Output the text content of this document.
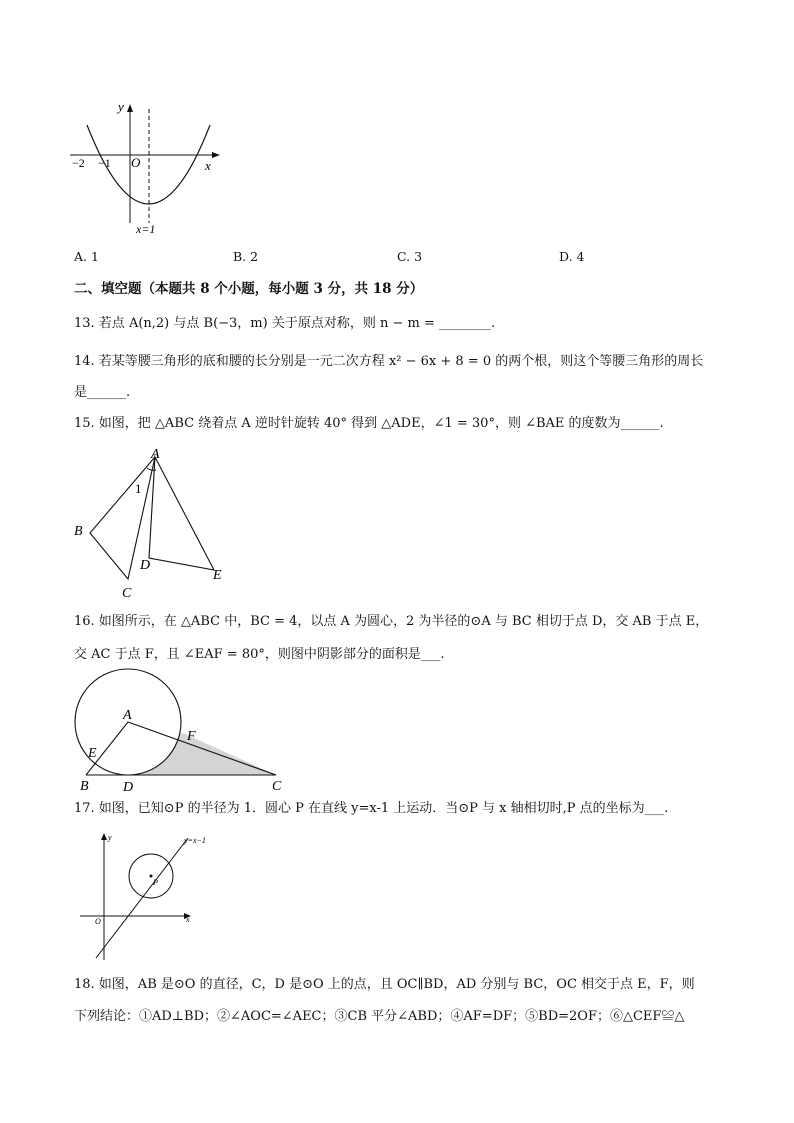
y
x
O
−2 −1
x=1
A. 1	B. 2	C. 3	D. 4
二、填空题（本题共 8 个小题，每小题 3 分，共 18 分）
13. 若点 A(n,2) 与点 B(−3，m) 关于原点对称，则 n − m = ________.
14. 若某等腰三角形的底和腰的长分别是一元二次方程 x² − 6x + 8 = 0 的两个根，则这个等腰三角形的周长
是______.
15. 如图，把 △ABC 绕着点 A 逆时针旋转 40° 得到 △ADE，∠1 = 30°，则 ∠BAE 的度数为______.
A
B
C
D
E
1
16. 如图所示，在 △ABC 中，BC = 4，以点 A 为圆心，2 为半径的⊙A 与 BC 相切于点 D，交 AB 于点 E，
交 AC 于点 F，且 ∠EAF = 80°，则图中阴影部分的面积是___.
A
B	C
D
E
F
17. 如图，已知⊙P 的半径为 1．圆心 P 在直线 y=x-1 上运动．当⊙P 与 x 轴相切时,P 点的坐标为___.
y
x
O
P
y=x−1
18. 如图，AB 是⊙O 的直径，C，D 是⊙O 上的点，且 OC∥BD，AD 分别与 BC，OC 相交于点 E，F，则
下列结论：①AD⊥BD；②∠AOC=∠AEC；③CB 平分∠ABD；④AF=DF；⑤BD=2OF；⑥△CEF≌△
